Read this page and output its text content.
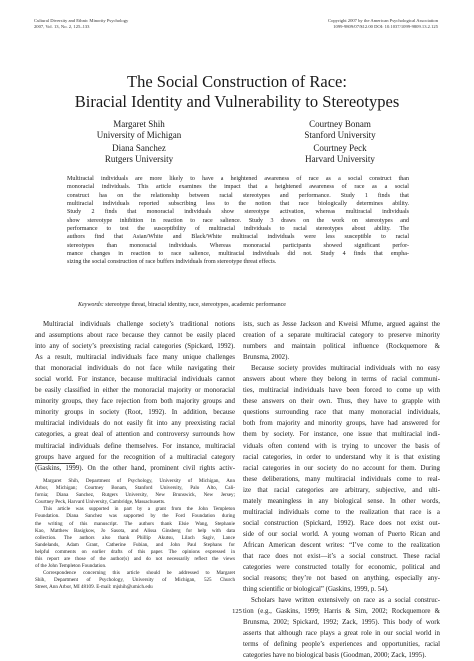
Cultural Diversity and Ethnic Minority Psychology
2007, Vol. 13, No. 2, 125–133
Copyright 2007 by the American Psychological Association
1099-9809/07/$12.00 DOI: 10.1037/1099-9809.13.2.125
The Social Construction of Race:
Biracial Identity and Vulnerability to Stereotypes
Margaret Shih
University of Michigan
Courtney Bonam
Stanford University
Diana Sanchez
Rutgers University
Courtney Peck
Harvard University
Multiracial individuals are more likely to have a heightened awareness of race as a social construct than
monoracial individuals. This article examines the impact that a heightened awareness of race as a social
construct has on the relationship between racial stereotypes and performance. Study 1 finds that
multiracial individuals reported subscribing less to the notion that race biologically determines ability.
Study 2 finds that monoracial individuals show stereotype activation, whereas multiracial individuals
show stereotype inhibition in reaction to race salience. Study 3 draws on the work on stereotypes and
performance to test the susceptibility of multiracial individuals to racial stereotypes about ability. The
authors find that Asian/White and Black/White multiracial individuals were less susceptible to racial
stereotypes than monoracial individuals. Whereas monoracial participants showed significant perfor-
mance changes in reaction to race salience, multiracial individuals did not. Study 4 finds that empha-
sizing the social construction of race buffers individuals from stereotype threat effects.
Keywords: stereotype threat, biracial identity, race, stereotypes, academic performance
Multiracial individuals challenge society’s traditional notions
and assumptions about race because they cannot be easily placed
into any of society’s preexisting racial categories (Spickard, 1992).
As a result, multiracial individuals face many unique challenges
that monoracial individuals do not face while navigating their
social world. For instance, because multiracial individuals cannot
be easily classified in either the monoracial majority or monoracial
minority groups, they face rejection from both majority groups and
minority groups in society (Root, 1992). In addition, because
multiracial individuals do not easily fit into any preexisting racial
categories, a great deal of attention and controversy surrounds how
multiracial individuals define themselves. For instance, multiracial
groups have argued for the recognition of a multiracial category
(Gaskins, 1999). On the other hand, prominent civil rights activ-
ists, such as Jesse Jackson and Kweisi Mfume, argued against the
creation of a separate multiracial category to preserve minority
numbers and maintain political influence (Rockquemore &
Brunsma, 2002).
Because society provides multiracial individuals with no easy
answers about where they belong in terms of racial communi-
ties, multiracial individuals have been forced to come up with
these answers on their own. Thus, they have to grapple with
questions surrounding race that many monoracial individuals,
both from majority and minority groups, have had answered for
them by society. For instance, one issue that multiracial indi-
viduals often contend with is trying to uncover the basis of
racial categories, in order to understand why it is that existing
racial categories in our society do no account for them. During
these deliberations, many multiracial individuals come to real-
ize that racial categories are arbitrary, subjective, and ulti-
mately meaningless in any biological sense. In other words,
multiracial individuals come to the realization that race is a
social construction (Spickard, 1992). Race does not exist out-
side of our social world. A young woman of Puerto Rican and
African American descent writes: “I’ve come to the realization
that race does not exist—it’s a social construct. These racial
categories were constructed totally for economic, political and
social reasons; they’re not based on anything, especially any-
thing scientific or biological” (Gaskins, 1999, p. 54).
Scholars have written extensively on race as a social construc-
tion (e.g., Gaskins, 1999; Harris & Sim, 2002; Rockquemore &
Brunsma, 2002; Spickard, 1992; Zack, 1995). This body of work
asserts that although race plays a great role in our social world in
terms of defining people’s experiences and opportunities, racial
categories have no biological basis (Goodman, 2000; Zack, 1995).
Margaret Shih, Department of Psychology, University of Michigan, Ann
Arbor, Michigan; Courtney Bonam, Stanford University, Palo Alto, Cali-
fornia; Diana Sanchez, Rutgers University, New Brunswick, New Jersey;
Courtney Peck, Harvard University, Cambridge, Massachusetts.
This article was supported in part by a grant from the John Templeton
Foundation. Diana Sanchez was supported by the Ford Foundation during
the writing of this manuscript. The authors thank Elsie Wang, Stephanie
Kao, Matthew Basigkow, Jo Sasota, and Alissa Ginsberg for help with data
collection. The authors also thank Phillip Akutsu, Lilach Sagiv, Lance
Sandelands, Adam Grant, Catherine Fubian, and John Paul Stephans for
helpful comments on earlier drafts of this paper. The opinions expressed in
this report are those of the author(s) and do not necessarily reflect the views
of the John Templeton Foundation.
Correspondence concerning this article should be addressed to Margaret
Shih, Department of Psychology, University of Michigan, 525 Church
Street, Ann Arbor, MI 48109. E-mail: mjshih@umich.edu
125
